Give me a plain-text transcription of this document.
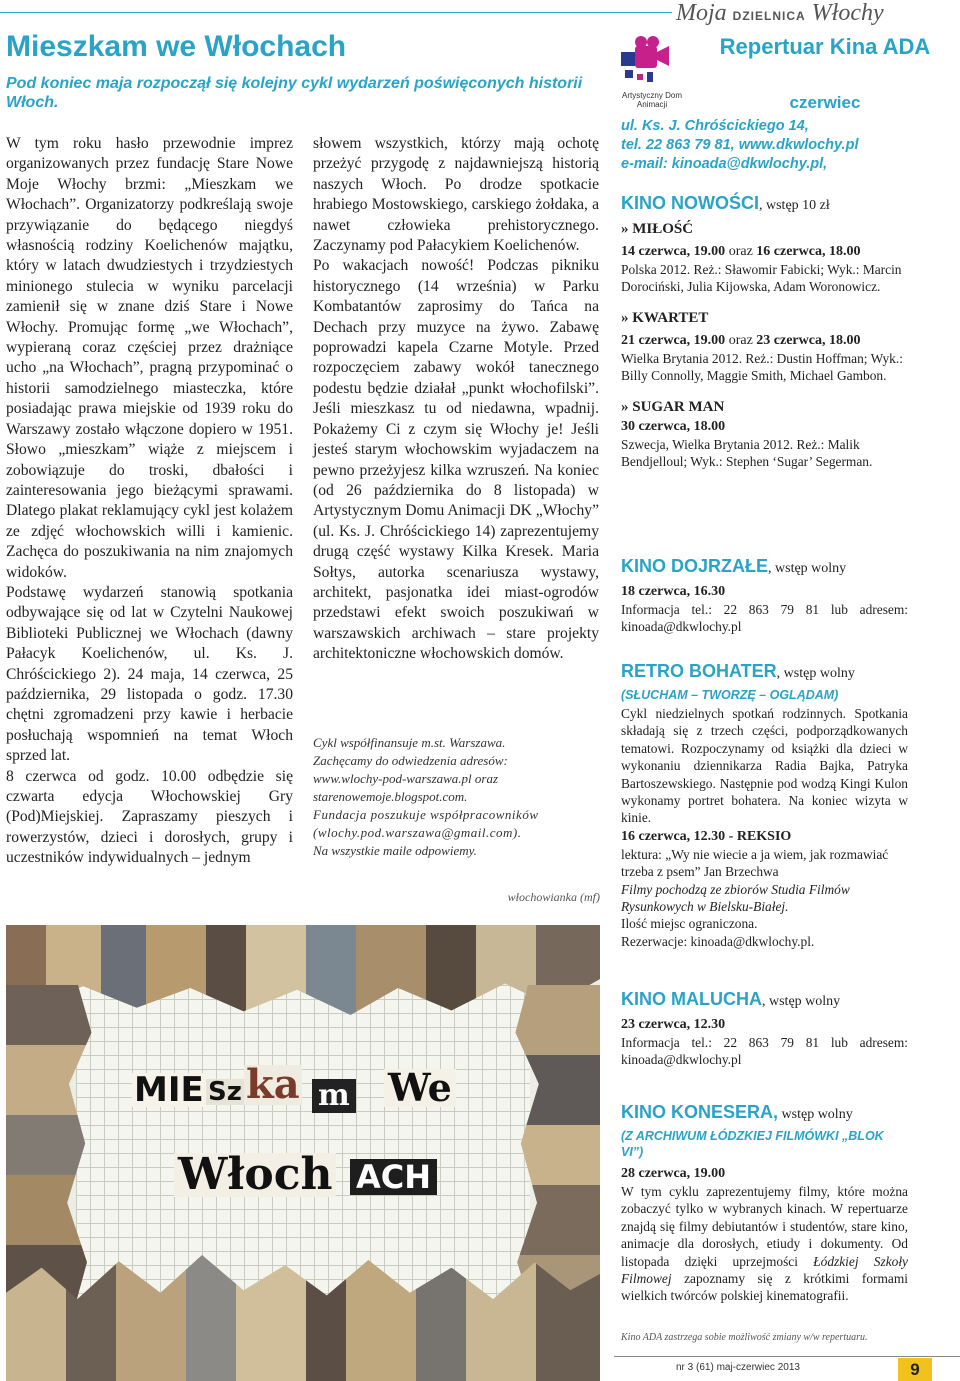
Moja DZIELNICA Włochy
Mieszkam we Włochach
Pod koniec maja rozpoczął się kolejny cykl wydarzeń poświęconych historii Włoch.

W tym roku hasło przewodnie imprez organizowanych przez fundację Stare Nowe Moje Włochy brzmi: „Mieszkam we Włochach”. Organizatorzy podkreślają swoje przywiązanie do będącego niegdyś własnością rodziny Koelichenów majątku, który w latach dwudziestych i trzydziestych minionego stulecia w wyniku parcelacji zamienił się w znane dziś Stare i Nowe Włochy. Promując formę „we Włochach”, wypieraną coraz częściej przez drażniące ucho „na Włochach”, pragną przypominać o historii samodzielnego miasteczka, które posiadając prawa miejskie od 1939 roku do Warszawy zostało włączone dopiero w 1951. Słowo „mieszkam” wiąże z miejscem i zobowiązuje do troski, dbałości i zainteresowania jego bieżącymi sprawami. Dlatego plakat reklamujący cykl jest kolażem ze zdjęć włochowskich willi i kamienic. Zachęca do poszukiwania na nim znajomych widoków.

Podstawę wydarzeń stanowią spotkania odbywające się od lat w Czytelni Naukowej Biblioteki Publicznej we Włochach (dawny Pałacyk Koelichenów, ul. Ks. J. Chróścickiego 2). 24 maja, 14 czerwca, 25 października, 29 listopada o godz. 17.30 chętni zgromadzeni przy kawie i herbacie posłuchają wspomnień na temat Włoch sprzed lat.

8 czerwca od godz. 10.00 odbędzie się czwarta edycja Włochowskiej Gry (Pod)Miejskiej. Zapraszamy pieszych i rowerzystów, dzieci i dorosłych, grupy i uczestników indywidualnych – jednym

słowem wszystkich, którzy mają ochotę przeżyć przygodę z najdawniejszą historią naszych Włoch. Po drodze spotkacie hrabiego Mostowskiego, carskiego żołdaka, a nawet człowieka prehistorycznego. Zaczynamy pod Pałacykiem Koelichenów.

Po wakacjach nowość! Podczas pikniku historycznego (14 września) w Parku Kombatantów zaprosimy do Tańca na Dechach przy muzyce na żywo. Zabawę poprowadzi kapela Czarne Motyle. Przed rozpoczęciem zabawy wokół tanecznego podestu będzie działał „punkt włochofilski”. Jeśli mieszkasz tu od niedawna, wpadnij. Pokażemy Ci z czym się Włochy je! Jeśli jesteś starym włochowskim wyjadaczem na pewno przeżyjesz kilka wzruszeń. Na koniec (od 26 października do 8 listopada) w Artystycznym Domu Animacji DK „Włochy” (ul. Ks. J. Chróścickiego 14) zaprezentujemy drugą część wystawy Kilka Kresek. Maria Sołtys, autorka scenariusza wystawy, architekt, pasjonatka idei miast-ogrodów przedstawi efekt swoich poszukiwań w warszawskich archiwach – stare projekty architektoniczne włochowskich domów.

Cykl współfinansuje m.st. Warszawa.
Zachęcamy do odwiedzenia adresów:
www.wlochy-pod-warszawa.pl oraz
starenowemoje.blogspot.com.
Fundacja poszukuje współpracowników (wlochy.pod.warszawa@gmail.com).
Na wszystkie maile odpowiemy.
włochowianka (mf)
MIE Sz ka m We
Włoch ACH
Artystyczny Dom Animacji
Repertuar Kina ADA
czerwiec
ul. Ks. J. Chróścickiego 14,
tel. 22 863 79 81, www.dkwlochy.pl
e-mail: kinoada@dkwlochy.pl,
KINO NOWOŚCI, wstęp 10 zł
» MIŁOŚĆ
14 czerwca, 19.00 oraz 16 czerwca, 18.00
Polska 2012. Reż.: Sławomir Fabicki; Wyk.: Marcin Dorociński, Julia Kijowska, Adam Woronowicz.
» KWARTET
21 czerwca, 19.00 oraz 23 czerwca, 18.00
Wielka Brytania 2012. Reż.: Dustin Hoffman; Wyk.: Billy Connolly, Maggie Smith, Michael Gambon.
» SUGAR MAN
30 czerwca, 18.00
Szwecja, Wielka Brytania 2012. Reż.: Malik Bendjelloul; Wyk.: Stephen ‘Sugar’ Segerman.
KINO DOJRZAŁE, wstęp wolny
18 czerwca, 16.30
Informacja tel.: 22 863 79 81 lub adresem: kinoada@dkwlochy.pl
RETRO BOHATER, wstęp wolny
(SŁUCHAM – TWORZĘ – OGLĄDAM)
Cykl niedzielnych spotkań rodzinnych. Spotkania składają się z trzech części, podporządkowanych tematowi. Rozpoczynamy od książki dla dzieci w wykonaniu dziennikarza Radia Bajka, Patryka Bartoszewskiego. Następnie pod wodzą Kingi Kulon wykonamy portret bohatera. Na koniec wizyta w kinie.
16 czerwca, 12.30 - REKSIO
lektura: „Wy nie wiecie a ja wiem, jak rozmawiać trzeba z psem” Jan Brzechwa
Filmy pochodzą ze zbiorów Studia Filmów Rysunkowych w Bielsku-Białej.
Ilość miejsc ograniczona.
Rezerwacje: kinoada@dkwlochy.pl.
KINO MALUCHA, wstęp wolny
23 czerwca, 12.30
Informacja tel.: 22 863 79 81 lub adresem: kinoada@dkwlochy.pl
KINO KONESERA, wstęp wolny
(Z ARCHIWUM ŁÓDZKIEJ FILMÓWKI „BLOK VI”)
28 czerwca, 19.00
W tym cyklu zaprezentujemy filmy, które można zobaczyć tylko w wybranych kinach. W repertuarze znajdą się filmy debiutantów i studentów, stare kino, animacje dla dorosłych, etiudy i dokumenty. Od listopada dzięki uprzejmości Łódzkiej Szkoły Filmowej zapoznamy się z krótkimi formami wielkich twórców polskiej kinematografii.
Kino ADA zastrzega sobie możliwość zmiany w/w repertuaru.
nr 3 (61) maj-czerwiec 2013	9
